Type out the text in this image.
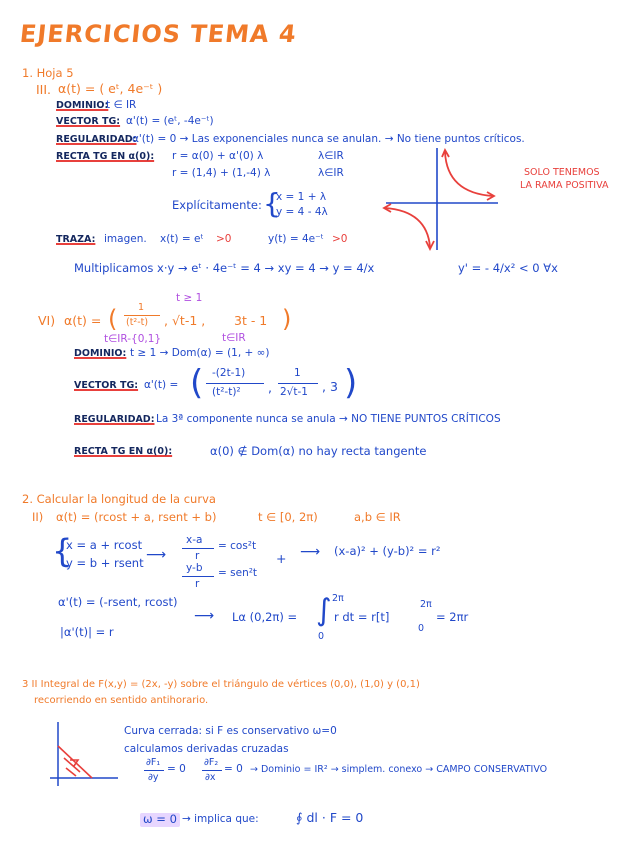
EJERCICIOS TEMA 4
1. Hoja 5
III. α(t) = ( eᵗ, 4e⁻ᵗ )
DOMINIO:
t ∈ IR
VECTOR TG: α'(t) = (eᵗ, -4e⁻ᵗ)
REGULARIDAD:
α'(t) = 0 → Las exponenciales nunca se anulan. → No tiene puntos críticos.
RECTA TG EN α(0): r = α(0) + α'(0) λ	λ∈IR
r = (1,4) + (1,-4) λ	λ∈IR
Explícitamente: {
x = 1 + λ
y = 4 - 4λ
SOLO TENEMOS
LA RAMA POSITIVA
TRAZA: imagen. x(t) = eᵗ >0	y(t) = 4e⁻ᵗ >0
Multiplicamos x·y → eᵗ · 4e⁻ᵗ = 4 → xy = 4 → y = 4/x	y' = - 4/x² < 0 ∀x
t ≥ 1
VI) α(t) = ( 1
(t²-t) , √t-1 , 3t - 1 )
t∈IR-{0,1}	t∈IR
DOMINIO: t ≥ 1 → Dom(α) = (1, + ∞)
VECTOR TG: α'(t) = ( -(2t-1)
(t²-t)² ,
1
2√t-1 , 3 )
REGULARIDAD: La 3ª componente nunca se anula → NO TIENE PUNTOS CRÍTICOS
RECTA TG EN α(0):	α(0) ∉ Dom(α) no hay recta tangente
2. Calcular la longitud de la curva
II) α(t) = (rcost + a, rsent + b)	t ∈ [0, 2π)	a,b ∈ IR
{
x = a + rcost
y = b + rsent ⟶
x-a
r
= cos²t
y-b
r
= sen²t
+ ⟶ (x-a)² + (y-b)² = r²
α'(t) = (-rsent, rcost)
|α'(t)| = r
⟶ Lα (0,2π) = ∫ 2π
0
r dt = r[t]
2π
0
= 2πr
3 II Integral de F(x,y) = (2x, -y) sobre el triángulo de vértices (0,0), (1,0) y (0,1)
recorriendo en sentido antihorario.
Curva cerrada: si F es conservativo ω=0
calculamos derivadas cruzadas
∂F₁
∂y
= 0
∂F₂
∂x
= 0 → Dominio = IR² → simplem. conexo → CAMPO CONSERVATIVO
ω = 0 → implica que:	∮ dl · F = 0
